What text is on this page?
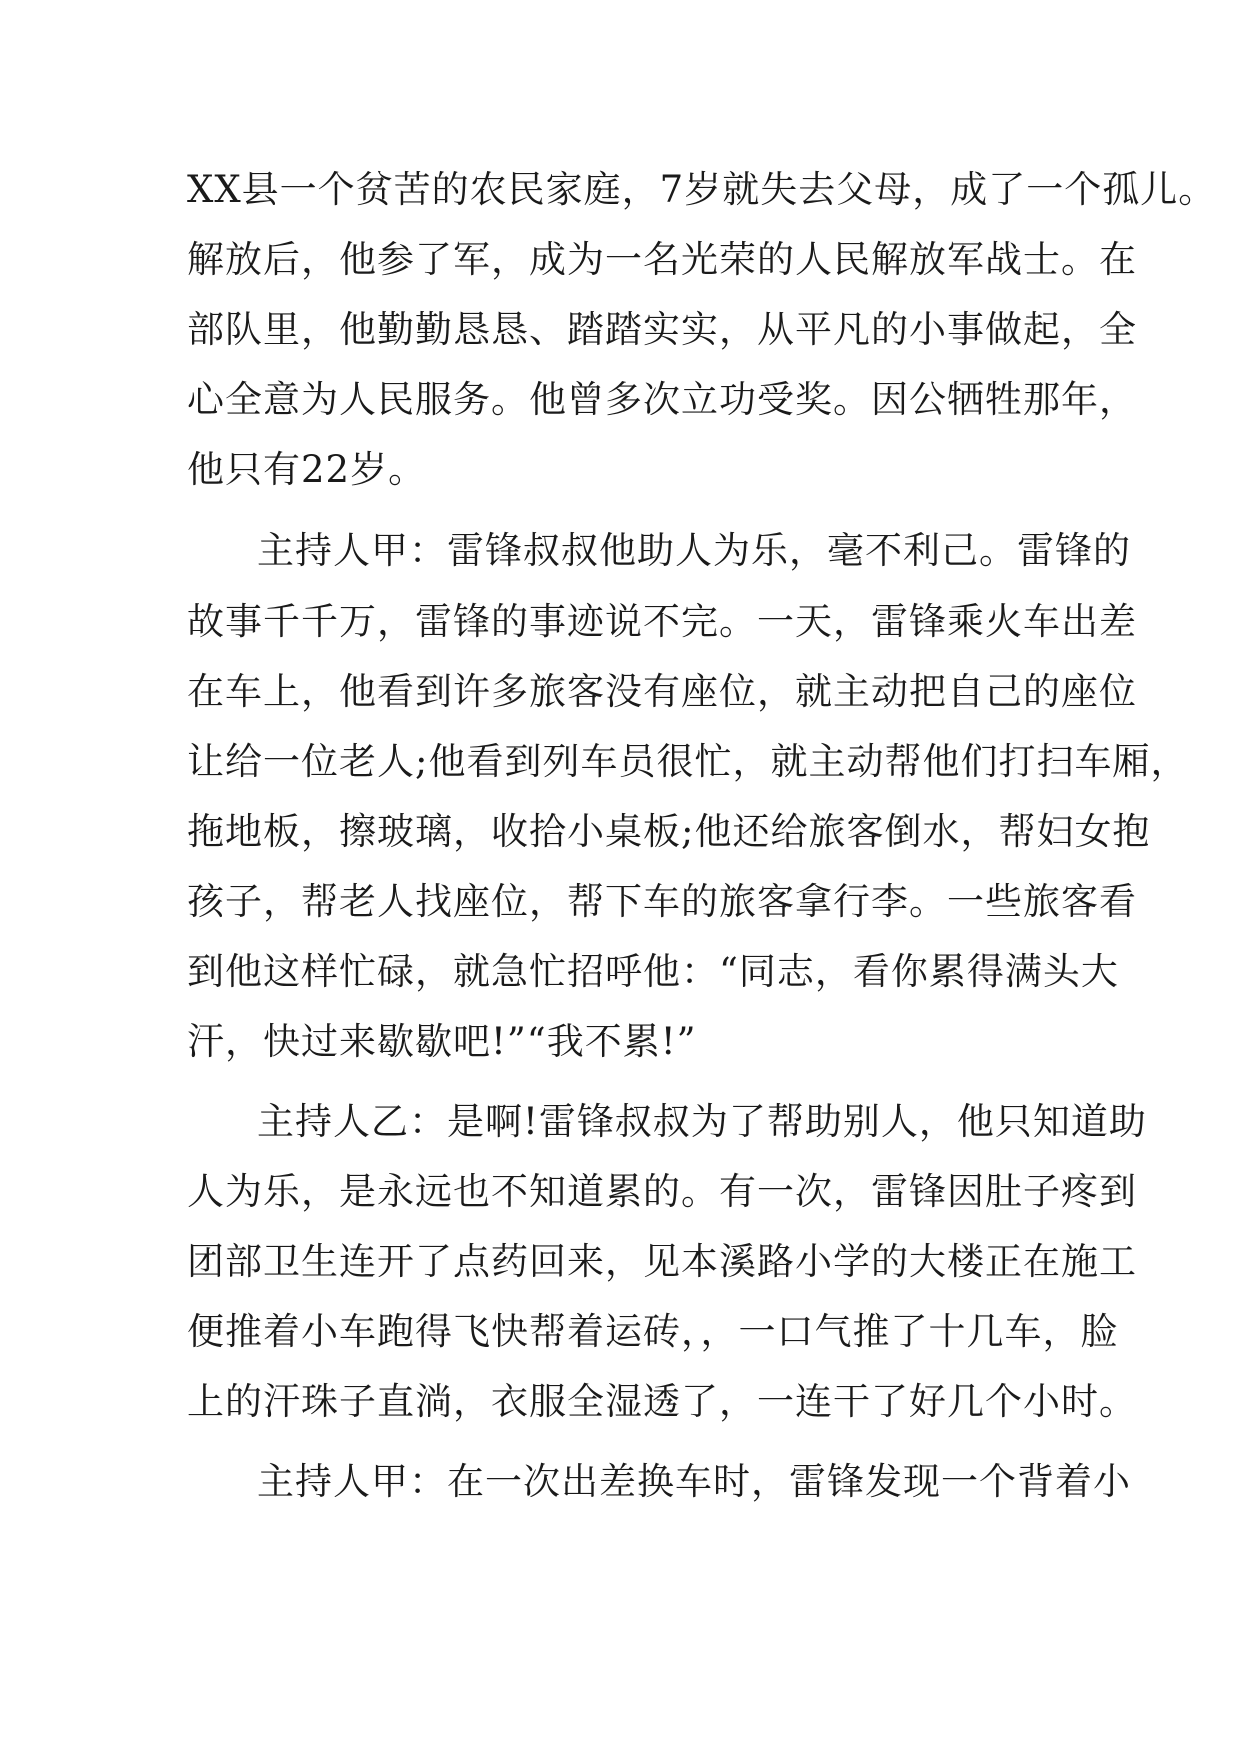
XX县一个贫苦的农民家庭，7岁就失去父母，成了一个孤儿。
解放后，他参了军，成为一名光荣的人民解放军战士。在
部队里，他勤勤恳恳、踏踏实实，从平凡的小事做起，全
心全意为人民服务。他曾多次立功受奖。因公牺牲那年，
他只有22岁。
主持人甲：雷锋叔叔他助人为乐，毫不利己。雷锋的
故事千千万，雷锋的事迹说不完。一天，雷锋乘火车出差
在车上，他看到许多旅客没有座位，就主动把自己的座位
让给一位老人;他看到列车员很忙，就主动帮他们打扫车厢，
拖地板，擦玻璃，收拾小桌板;他还给旅客倒水，帮妇女抱
孩子，帮老人找座位，帮下车的旅客拿行李。一些旅客看
到他这样忙碌，就急忙招呼他：“同志，看你累得满头大
汗，快过来歇歇吧!”“我不累!”
主持人乙：是啊!雷锋叔叔为了帮助别人，他只知道助
人为乐，是永远也不知道累的。有一次，雷锋因肚子疼到
团部卫生连开了点药回来，见本溪路小学的大楼正在施工
便推着小车跑得飞快帮着运砖，，一口气推了十几车，脸
上的汗珠子直淌，衣服全湿透了，一连干了好几个小时。
主持人甲：在一次出差换车时，雷锋发现一个背着小
